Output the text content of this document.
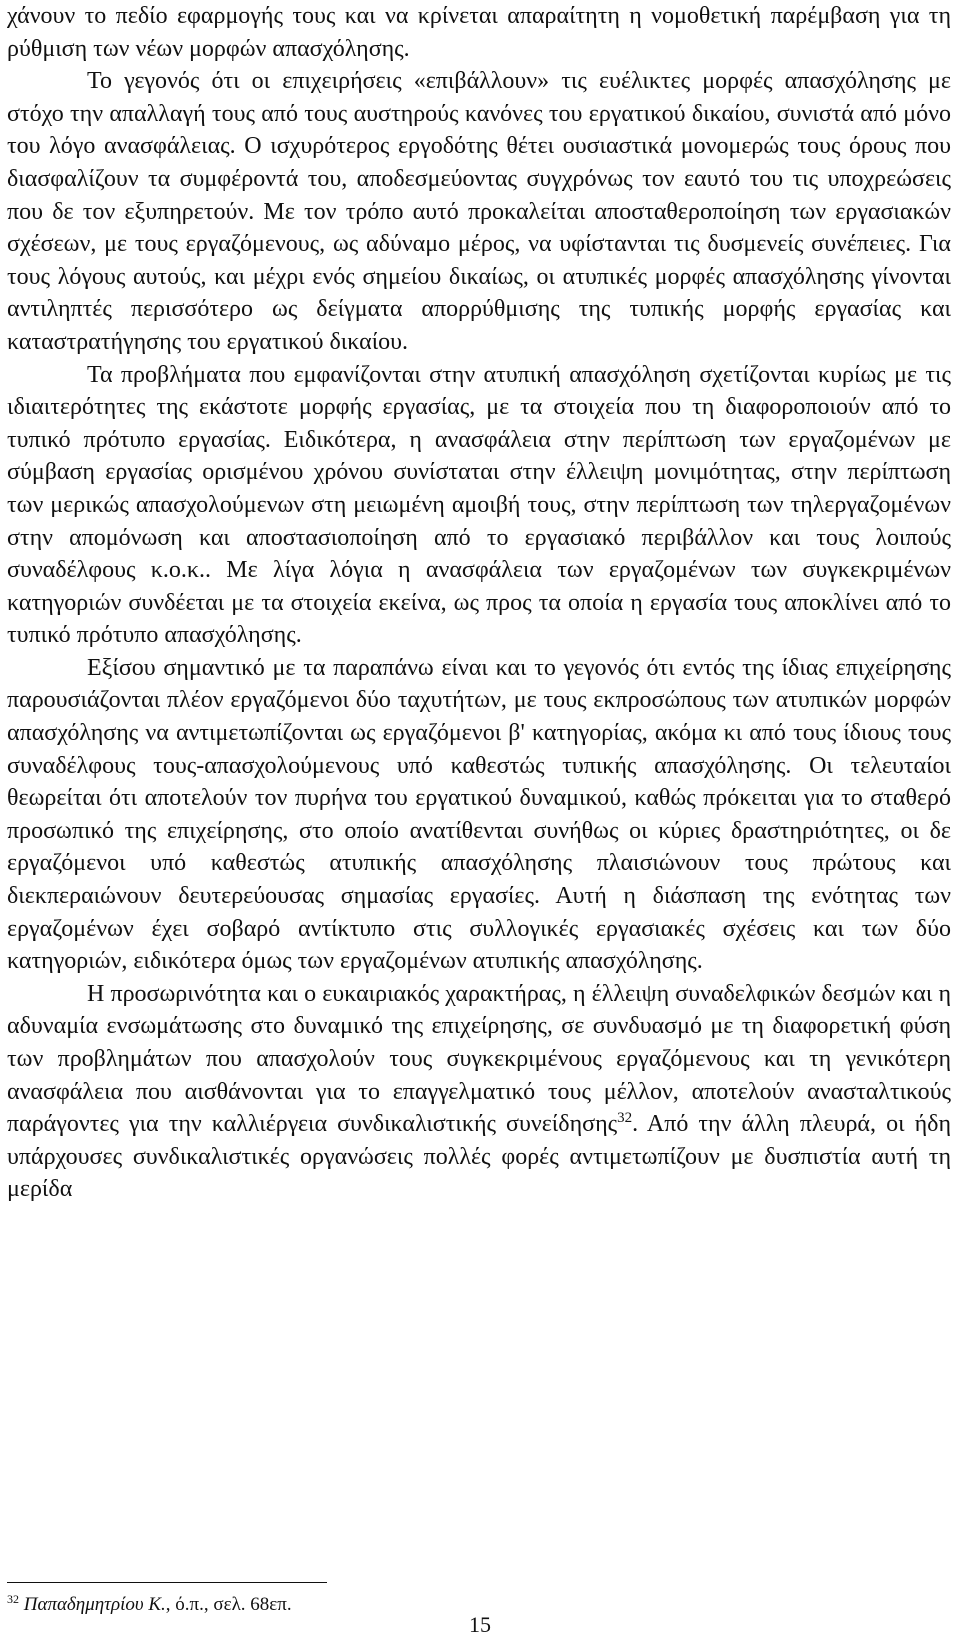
χάνουν το πεδίο εφαρμογής τους και να κρίνεται απαραίτητη η νομοθετική παρέμβαση για τη ρύθμιση των νέων μορφών απασχόλησης.

Το γεγονός ότι οι επιχειρήσεις «επιβάλλουν» τις ευέλικτες μορφές απασχόλησης με στόχο την απαλλαγή τους από τους αυστηρούς κανόνες του εργατικού δικαίου, συνιστά από μόνο του λόγο ανασφάλειας. Ο ισχυρότερος εργοδότης θέτει ουσιαστικά μονομερώς τους όρους που διασφαλίζουν τα συμφέροντά του, αποδεσμεύοντας συγχρόνως τον εαυτό του τις υποχρεώσεις που δε τον εξυπηρετούν. Με τον τρόπο αυτό προκαλείται αποσταθεροποίηση των εργασιακών σχέσεων, με τους εργαζόμενους, ως αδύναμο μέρος, να υφίστανται τις δυσμενείς συνέπειες. Για τους λόγους αυτούς, και μέχρι ενός σημείου δικαίως, οι ατυπικές μορφές απασχόλησης γίνονται αντιληπτές περισσότερο ως δείγματα απορρύθμισης της τυπικής μορφής εργασίας και καταστρατήγησης του εργατικού δικαίου.

Τα προβλήματα που εμφανίζονται στην ατυπική απασχόληση σχετίζονται κυρίως με τις ιδιαιτερότητες της εκάστοτε μορφής εργασίας, με τα στοιχεία που τη διαφοροποιούν από το τυπικό πρότυπο εργασίας. Ειδικότερα, η ανασφάλεια στην περίπτωση των εργαζομένων με σύμβαση εργασίας ορισμένου χρόνου συνίσταται στην έλλειψη μονιμότητας, στην περίπτωση των μερικώς απασχολούμενων στη μειωμένη αμοιβή τους, στην περίπτωση των τηλεργαζομένων στην απομόνωση και αποστασιοποίηση από το εργασιακό περιβάλλον και τους λοιπούς συναδέλφους κ.ο.κ.. Με λίγα λόγια η ανασφάλεια των εργαζομένων των συγκεκριμένων κατηγοριών συνδέεται με τα στοιχεία εκείνα, ως προς τα οποία η εργασία τους αποκλίνει από το τυπικό πρότυπο απασχόλησης.

Εξίσου σημαντικό με τα παραπάνω είναι και το γεγονός ότι εντός της ίδιας επιχείρησης παρουσιάζονται πλέον εργαζόμενοι δύο ταχυτήτων, με τους εκπροσώπους των ατυπικών μορφών απασχόλησης να αντιμετωπίζονται ως εργαζόμενοι β' κατηγορίας, ακόμα κι από τους ίδιους τους συναδέλφους τους-απασχολούμενους υπό καθεστώς τυπικής απασχόλησης. Οι τελευταίοι θεωρείται ότι αποτελούν τον πυρήνα του εργατικού δυναμικού, καθώς πρόκειται για το σταθερό προσωπικό της επιχείρησης, στο οποίο ανατίθενται συνήθως οι κύριες δραστηριότητες, οι δε εργαζόμενοι υπό καθεστώς ατυπικής απασχόλησης πλαισιώνουν τους πρώτους και διεκπεραιώνουν δευτερεύουσας σημασίας εργασίες. Αυτή η διάσπαση της ενότητας των εργαζομένων έχει σοβαρό αντίκτυπο στις συλλογικές εργασιακές σχέσεις και των δύο κατηγοριών, ειδικότερα όμως των εργαζομένων ατυπικής απασχόλησης.

Η προσωρινότητα και ο ευκαιριακός χαρακτήρας, η έλλειψη συναδελφικών δεσμών και η αδυναμία ενσωμάτωσης στο δυναμικό της επιχείρησης, σε συνδυασμό με τη διαφορετική φύση των προβλημάτων που απασχολούν τους συγκεκριμένους εργαζόμενους και τη γενικότερη ανασφάλεια που αισθάνονται για το επαγγελματικό τους μέλλον, αποτελούν ανασταλτικούς παράγοντες για την καλλιέργεια συνδικαλιστικής συνείδησης$^{32}$. Από την άλλη πλευρά, οι ήδη υπάρχουσες συνδικαλιστικές οργανώσεις πολλές φορές αντιμετωπίζουν με δυσπιστία αυτή τη μερίδα

$^{32}$ Παπαδημητρίου Κ., ό.π., σελ. 68επ.
15
